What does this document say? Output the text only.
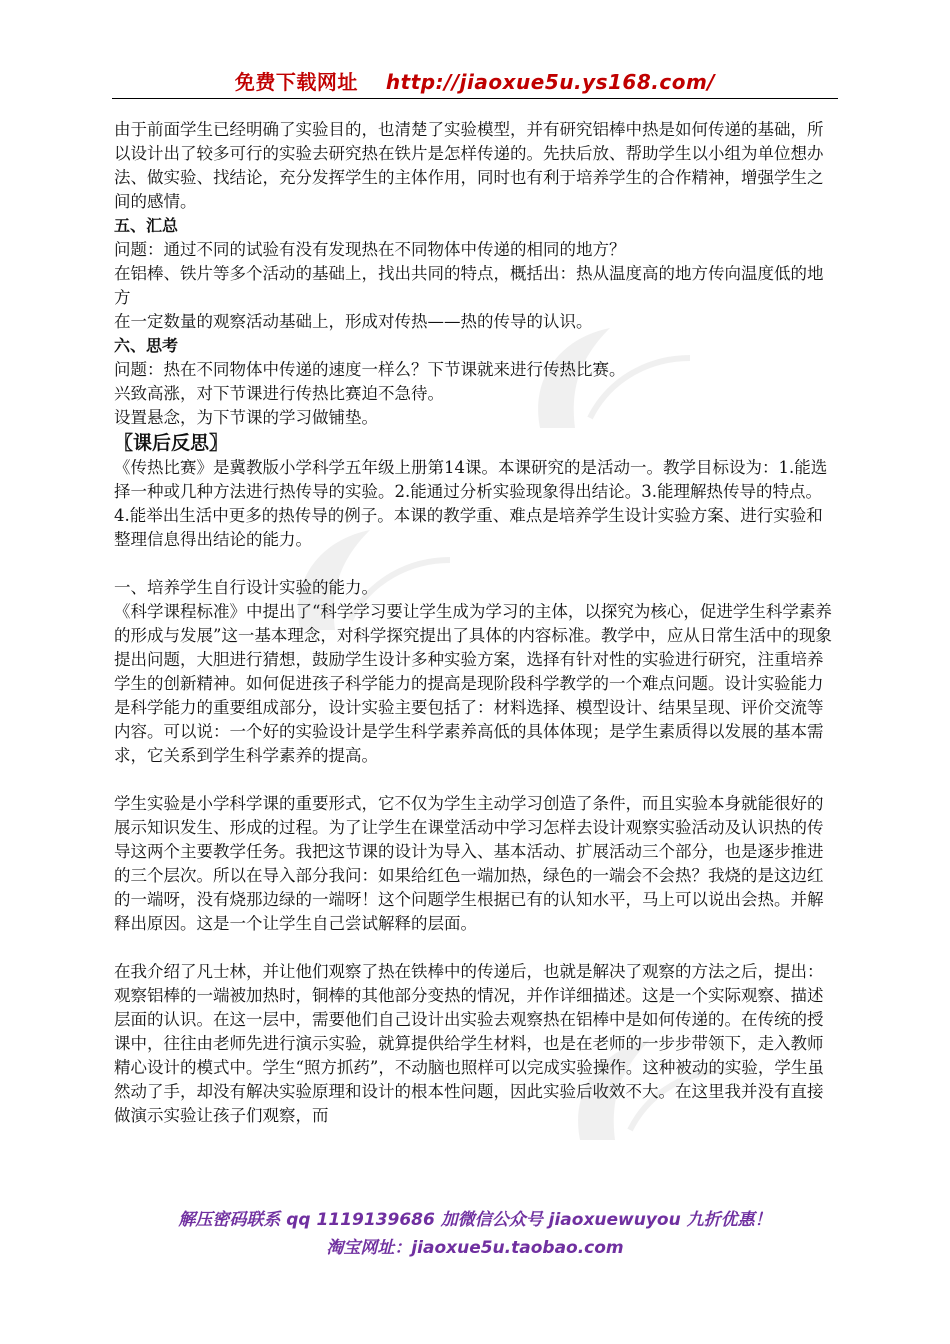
免费下载网址 http://jiaoxue5u.ys168.com/

由于前面学生已经明确了实验目的，也清楚了实验模型，并有研究铝棒中热是如何传递的基础，所以设计出了较多可行的实验去研究热在铁片是怎样传递的。先扶后放、帮助学生以小组为单位想办法、做实验、找结论，充分发挥学生的主体作用，同时也有利于培养学生的合作精神，增强学生之间的感情。

五、汇总

问题：通过不同的试验有没有发现热在不同物体中传递的相同的地方？

在铝棒、铁片等多个活动的基础上，找出共同的特点，概括出：热从温度高的地方传向温度低的地方

在一定数量的观察活动基础上，形成对传热——热的传导的认识。

六、思考

问题：热在不同物体中传递的速度一样么？下节课就来进行传热比赛。

兴致高涨，对下节课进行传热比赛迫不急待。

设置悬念，为下节课的学习做铺垫。

〖课后反思〗

《传热比赛》是冀教版小学科学五年级上册第14课。本课研究的是活动一。教学目标设为：1.能选择一种或几种方法进行热传导的实验。2.能通过分析实验现象得出结论。3.能理解热传导的特点。4.能举出生活中更多的热传导的例子。本课的教学重、难点是培养学生设计实验方案、进行实验和整理信息得出结论的能力。

一、培养学生自行设计实验的能力。

《科学课程标准》中提出了“科学学习要让学生成为学习的主体，以探究为核心，促进学生科学素养的形成与发展”这一基本理念，对科学探究提出了具体的内容标准。教学中，应从日常生活中的现象提出问题，大胆进行猜想，鼓励学生设计多种实验方案，选择有针对性的实验进行研究，注重培养学生的创新精神。如何促进孩子科学能力的提高是现阶段科学教学的一个难点问题。设计实验能力是科学能力的重要组成部分，设计实验主要包括了：材料选择、模型设计、结果呈现、评价交流等内容。可以说：一个好的实验设计是学生科学素养高低的具体体现；是学生素质得以发展的基本需求，它关系到学生科学素养的提高。

学生实验是小学科学课的重要形式，它不仅为学生主动学习创造了条件，而且实验本身就能很好的展示知识发生、形成的过程。为了让学生在课堂活动中学习怎样去设计观察实验活动及认识热的传导这两个主要教学任务。我把这节课的设计为导入、基本活动、扩展活动三个部分，也是逐步推进的三个层次。所以在导入部分我问：如果给红色一端加热，绿色的一端会不会热？我烧的是这边红的一端呀，没有烧那边绿的一端呀！这个问题学生根据已有的认知水平，马上可以说出会热。并解释出原因。这是一个让学生自己尝试解释的层面。

在我介绍了凡士林，并让他们观察了热在铁棒中的传递后，也就是解决了观察的方法之后，提出：观察铝棒的一端被加热时，铜棒的其他部分变热的情况，并作详细描述。这是一个实际观察、描述层面的认识。在这一层中，需要他们自己设计出实验去观察热在铝棒中是如何传递的。在传统的授课中，往往由老师先进行演示实验，就算提供给学生材料，也是在老师的一步步带领下，走入教师精心设计的模式中。学生“照方抓药”，不动脑也照样可以完成实验操作。这种被动的实验，学生虽然动了手，却没有解决实验原理和设计的根本性问题，因此实验后收效不大。在这里我并没有直接做演示实验让孩子们观察，而

解压密码联系 qq 1119139686 加微信公众号 jiaoxuewuyou 九折优惠！
淘宝网址：jiaoxue5u.taobao.com
